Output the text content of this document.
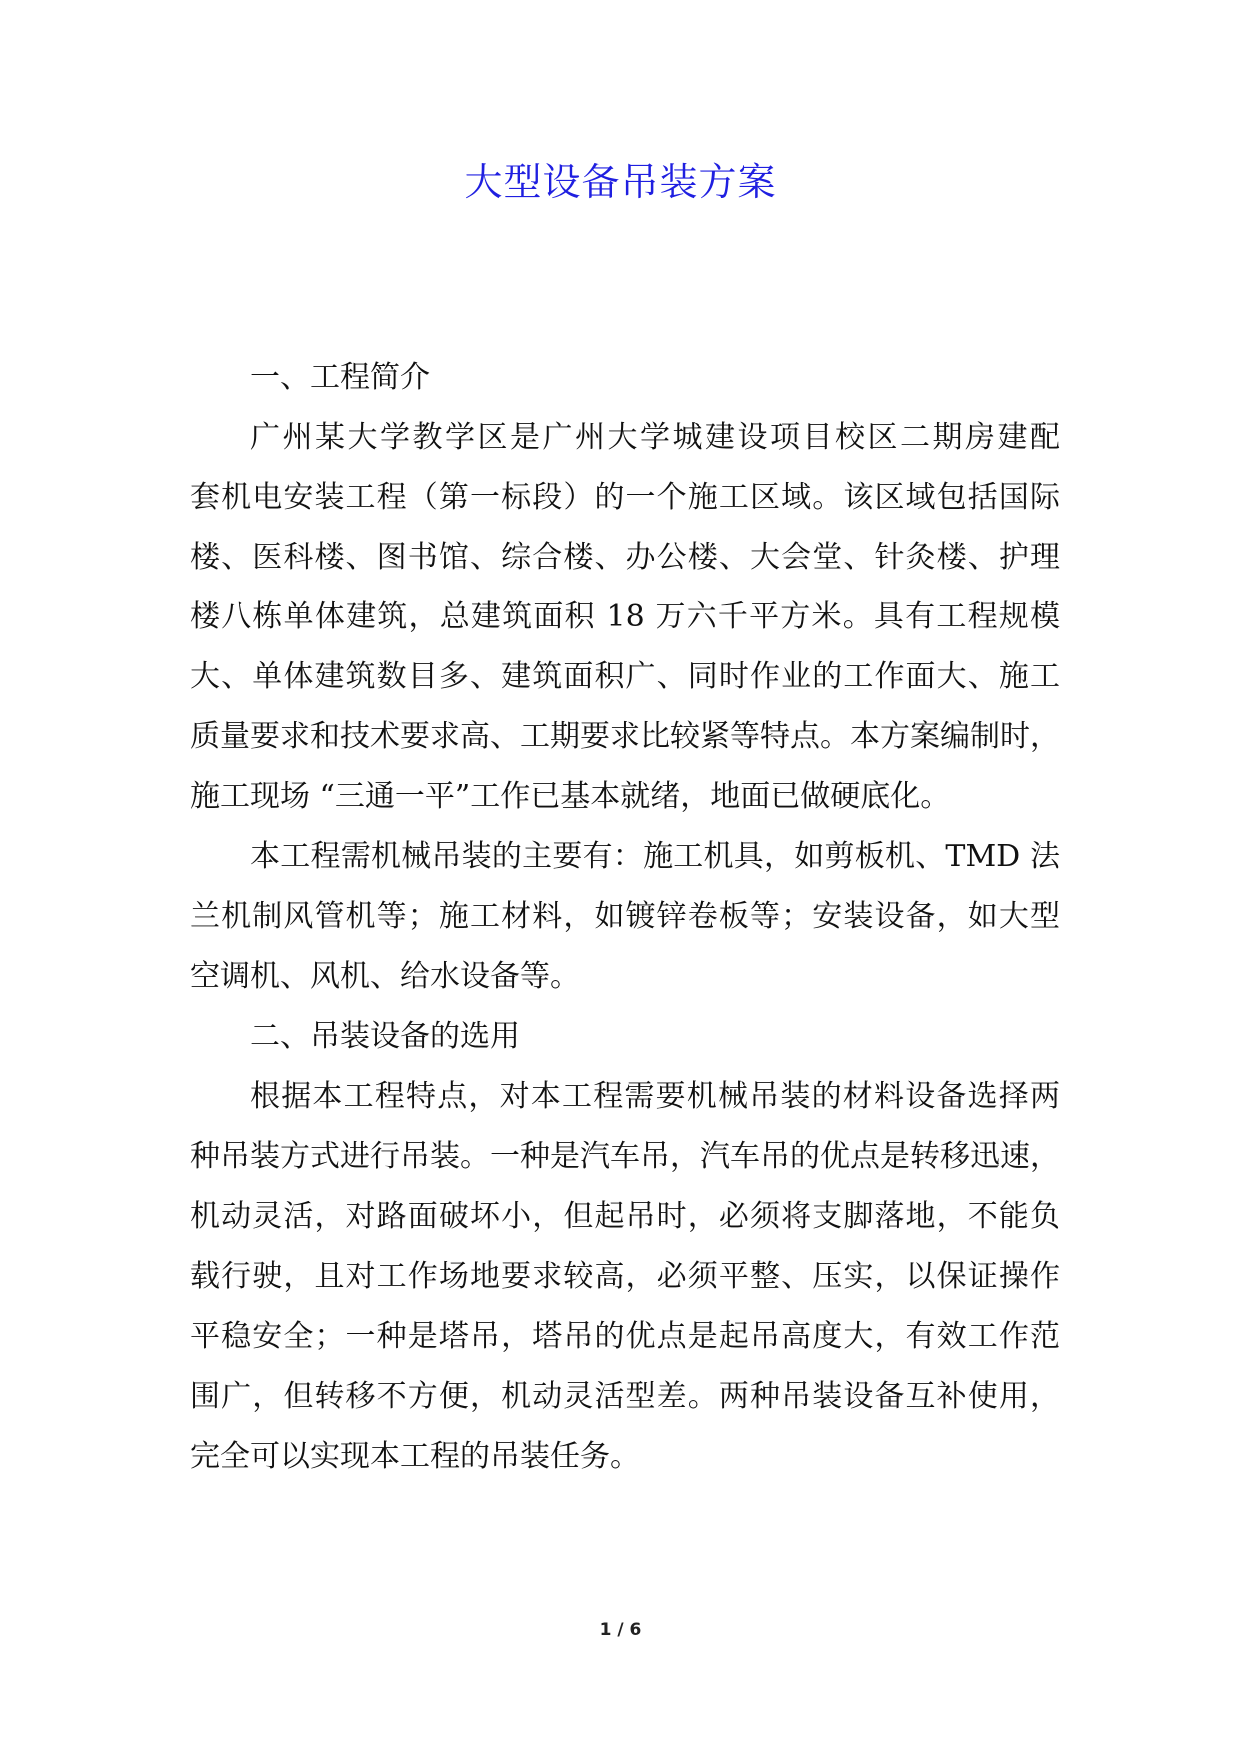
大型设备吊装方案
一、工程简介
广州某大学教学区是广州大学城建设项目校区二期房建配
套机电安装工程（第一标段）的一个施工区域。该区域包括国际
楼、医科楼、图书馆、综合楼、办公楼、大会堂、针灸楼、护理
楼八栋单体建筑，总建筑面积 18 万六千平方米。具有工程规模
大、单体建筑数目多、建筑面积广、同时作业的工作面大、施工
质量要求和技术要求高、工期要求比较紧等特点。本方案编制时，
施工现场 “三通一平”工作已基本就绪，地面已做硬底化。
本工程需机械吊装的主要有：施工机具，如剪板机、TMD 法
兰机制风管机等；施工材料，如镀锌卷板等；安装设备，如大型
空调机、风机、给水设备等。
二、吊装设备的选用
根据本工程特点，对本工程需要机械吊装的材料设备选择两
种吊装方式进行吊装。一种是汽车吊，汽车吊的优点是转移迅速，
机动灵活，对路面破坏小，但起吊时，必须将支脚落地，不能负
载行驶，且对工作场地要求较高，必须平整、压实，以保证操作
平稳安全；一种是塔吊，塔吊的优点是起吊高度大，有效工作范
围广，但转移不方便，机动灵活型差。两种吊装设备互补使用，
完全可以实现本工程的吊装任务。
1 / 6
